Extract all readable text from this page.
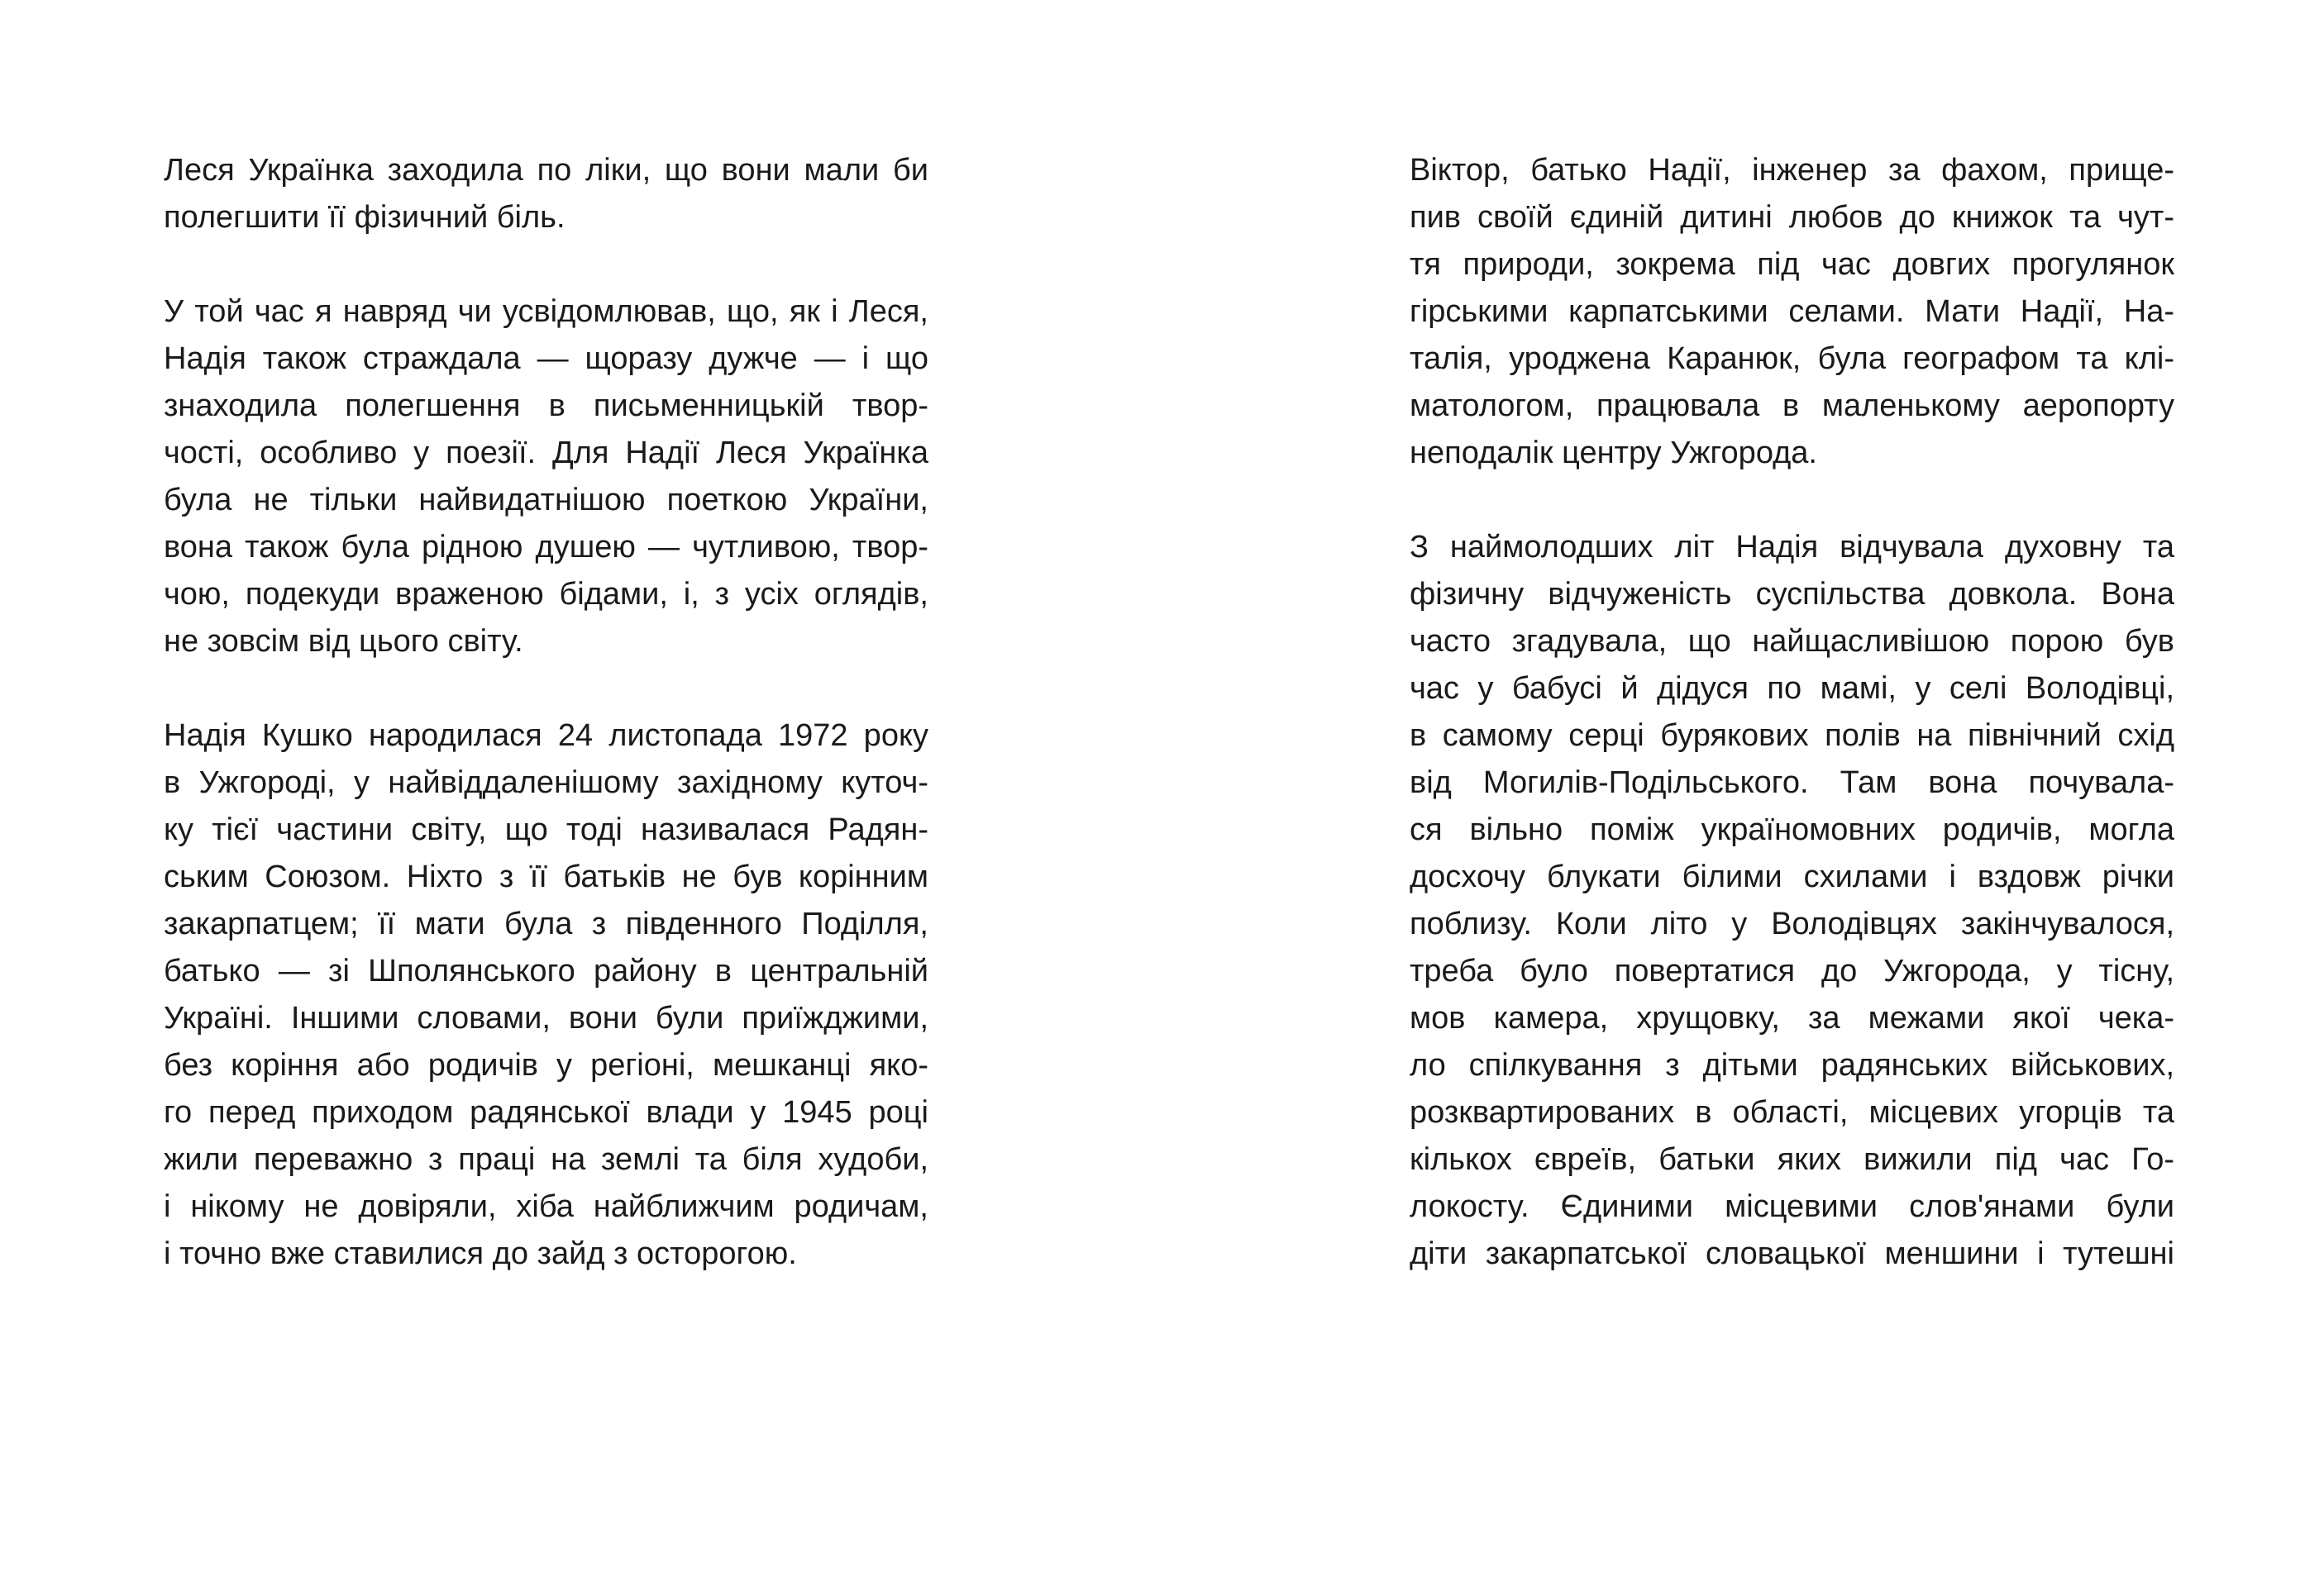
Леся Українка заходила по ліки, що вони мали би
полегшити її фізичний біль.

У той час я навряд чи усвідомлював, що, як і Леся,
Надія також страждала — щоразу дужче — і що
знаходила полегшення в письменницькій твор-
чості, особливо у поезії. Для Надії Леся Українка
була не тільки найвидатнішою поеткою України,
вона також була рідною душею — чутливою, твор-
чою, подекуди враженою бідами, і, з усіх оглядів,
не зовсім від цього світу.

Надія Кушко народилася 24 листопада 1972 року
в Ужгороді, у найвіддаленішому західному куточ-
ку тієї частини світу, що тоді називалася Радян-
ським Союзом. Ніхто з її батьків не був корінним
закарпатцем; її мати була з південного Поділля,
батько — зі Шполянського району в центральній
Україні. Іншими словами, вони були приїжджими,
без коріння або родичів у регіоні, мешканці яко-
го перед приходом радянської влади у 1945 році
жили переважно з праці на землі та біля худоби,
і нікому не довіряли, хіба найближчим родичам,
і точно вже ставилися до зайд з осторогою.

Віктор, батько Надії, інженер за фахом, прище-
пив своїй єдиній дитині любов до книжок та чут-
тя природи, зокрема під час довгих прогулянок
гірськими карпатськими селами. Мати Надії, На-
талія, уроджена Каранюк, була географом та клі-
матологом, працювала в маленькому аеропорту
неподалік центру Ужгорода.

З наймолодших літ Надія відчувала духовну та
фізичну відчуженість суспільства довкола. Вона
часто згадувала, що найщасливішою порою був
час у бабусі й дідуся по мамі, у селі Володівці,
в самому серці бурякових полів на північний схід
від Могилів-Подільського. Там вона почувала-
ся вільно поміж україномовних родичів, могла
досхочу блукати білими схилами і вздовж річки
поблизу. Коли літо у Володівцях закінчувалося,
треба було повертатися до Ужгорода, у тісну,
мов камера, хрущовку, за межами якої чека-
ло спілкування з дітьми радянських військових,
розквартированих в області, місцевих угорців та
кількох євреїв, батьки яких вижили під час Го-
локосту. Єдиними місцевими слов'янами були
діти закарпатської словацької меншини і тутешні
